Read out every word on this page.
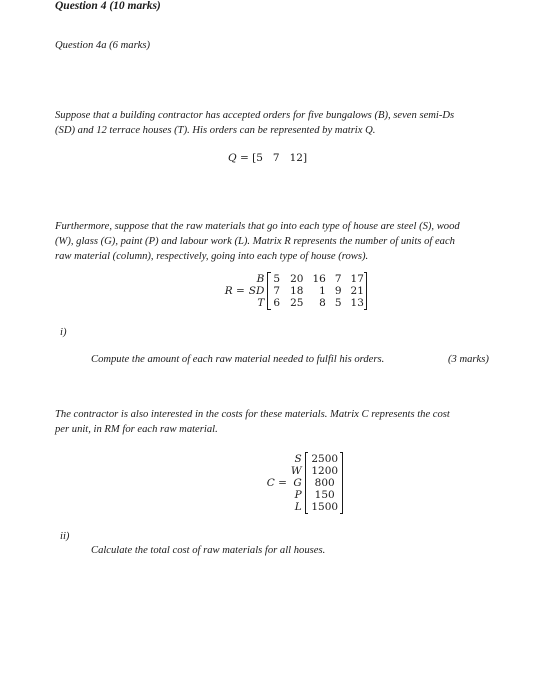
Question 4 (10 marks)
Question 4a (6 marks)
Suppose that a building contractor has accepted orders for five bungalows (B), seven semi-Ds
(SD) and 12 terrace houses (T). His orders can be represented by matrix Q.
Q = [5   7   12]
Furthermore, suppose that the raw materials that go into each type of house are steel (S), wood
(W), glass (G), paint (P) and labour work (L). Matrix R represents the number of units of each
raw material (column), respectively, going into each type of house (rows).

R =	B		5	20	16	7	17	
	SD		7	18	1	9	21	
	T		6	25	8	5	13	
i)
Compute the amount of each raw material needed to fulfil his orders.	(3 marks)
The contractor is also interested in the costs for these materials. Matrix C represents the cost
per unit, in RM for each raw material.

C =	S		2500	
	W		1200	
	G		800	
	P		150	
	L		1500	
ii)
Calculate the total cost of raw materials for all houses.
